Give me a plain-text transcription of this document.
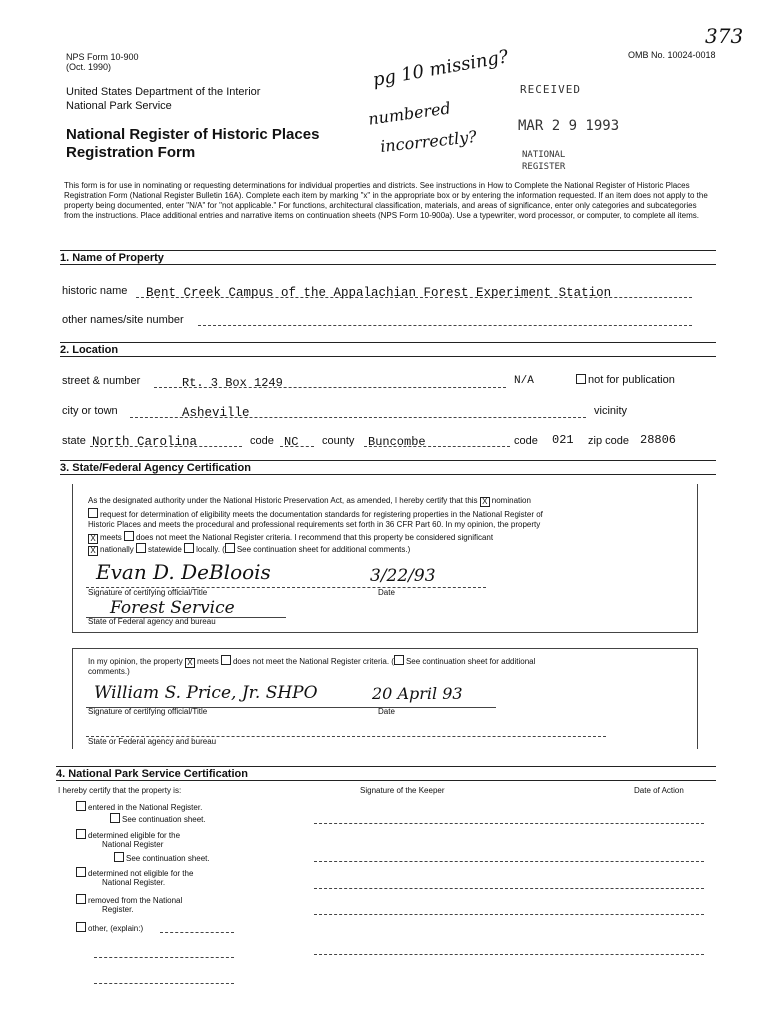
373
NPS Form 10-900
(Oct. 1990)
OMB No. 10024-0018
United States Department of the Interior
National Park Service
National Register of Historic Places
Registration Form
pg 10 missing?
numbered
incorrectly?
RECEIVED
MAR 2 9 1993
NATIONAL
REGISTER
This form is for use in nominating or requesting determinations for individual properties and districts. See instructions in How to Complete the National Register of Historic Places Registration Form (National Register Bulletin 16A). Complete each item by marking "x" in the appropriate box or by entering the information requested. If an item does not apply to the property being documented, enter "N/A" for "not applicable." For functions, architectural classification, materials, and areas of significance, enter only categories and subcategories from the instructions. Place additional entries and narrative items on continuation sheets (NPS Form 10-900a). Use a typewriter, word processor, or computer, to complete all items.
1. Name of Property
historic name	Bent Creek Campus of the Appalachian Forest Experiment Station
other names/site number
2. Location
street & number	Rt. 3 Box 1249	N/A	not for publication
city or town	Asheville	vicinity
state North Carolina	code NC	county	Buncombe	code 021 zip code 28806
3. State/Federal Agency Certification
As the designated authority under the National Historic Preservation Act, as amended, I hereby certify that this X nomination
request for determination of eligibility meets the documentation standards for registering properties in the National Register of
Historic Places and meets the procedural and professional requirements set forth in 36 CFR Part 60. In my opinion, the property
X meets does not meet the National Register criteria. I recommend that this property be considered significant
X nationally statewide locally. ( See continuation sheet for additional comments.)
Evan D. DeBloois	3/22/93
Signature of certifying official/Title	Date
Forest Service
State of Federal agency and bureau
In my opinion, the property X meets does not meet the National Register criteria. ( See continuation sheet for additional
comments.)
William S. Price, Jr. SHPO	20 April 93
Signature of certifying official/Title	Date
State or Federal agency and bureau
4. National Park Service Certification
I hereby certify that the property is:	Signature of the Keeper	Date of Action
entered in the National Register.
See continuation sheet.
determined eligible for the
National Register
See continuation sheet.
determined not eligible for the
National Register.
removed from the National
Register.
other, (explain:)
